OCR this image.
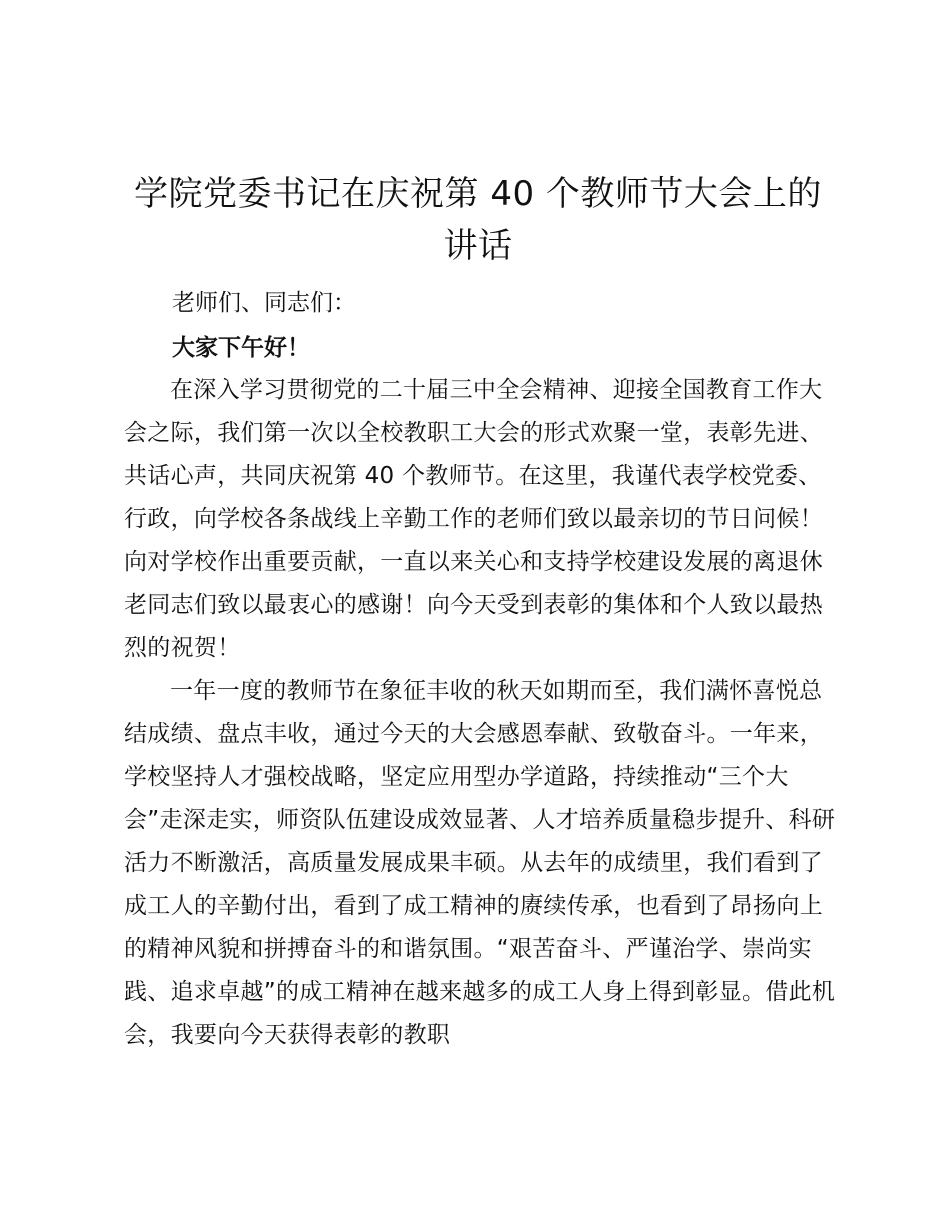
学院党委书记在庆祝第 40 个教师节大会上的讲话

老师们、同志们：

大家下午好！

在深入学习贯彻党的二十届三中全会精神、迎接全国教育工作大会之际，我们第一次以全校教职工大会的形式欢聚一堂，表彰先进、共话心声，共同庆祝第 40 个教师节。在这里，我谨代表学校党委、行政，向学校各条战线上辛勤工作的老师们致以最亲切的节日问候！向对学校作出重要贡献，一直以来关心和支持学校建设发展的离退休老同志们致以最衷心的感谢！向今天受到表彰的集体和个人致以最热烈的祝贺！

一年一度的教师节在象征丰收的秋天如期而至，我们满怀喜悦总结成绩、盘点丰收，通过今天的大会感恩奉献、致敬奋斗。一年来，学校坚持人才强校战略，坚定应用型办学道路，持续推动“三个大会”走深走实，师资队伍建设成效显著、人才培养质量稳步提升、科研活力不断激活，高质量发展成果丰硕。从去年的成绩里，我们看到了成工人的辛勤付出，看到了成工精神的赓续传承，也看到了昂扬向上的精神风貌和拼搏奋斗的和谐氛围。“艰苦奋斗、严谨治学、崇尚实践、追求卓越”的成工精神在越来越多的成工人身上得到彰显。借此机会，我要向今天获得表彰的教职
